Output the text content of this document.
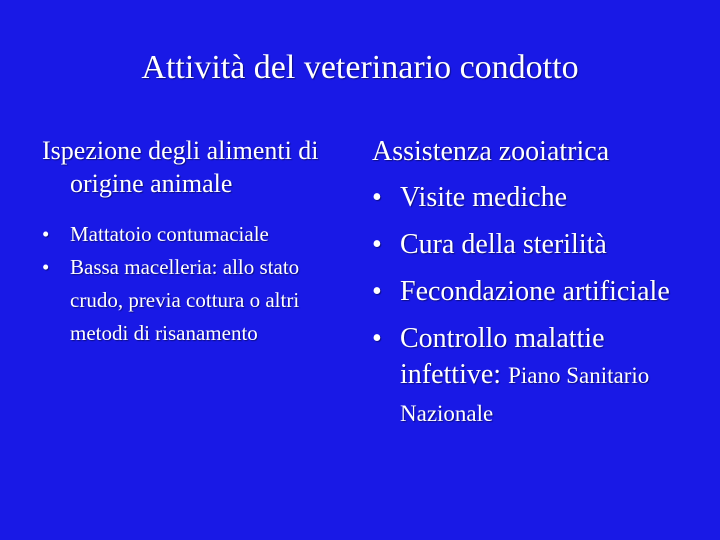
Attività del veterinario condotto
Ispezione degli alimenti di origine animale
• Mattatoio contumaciale
• Bassa macelleria: allo stato crudo, previa cottura o altri metodi di risanamento
Assistenza zooiatrica
• Visite mediche
• Cura della sterilità
• Fecondazione artificiale
• Controllo malattie infettive: Piano Sanitario Nazionale
